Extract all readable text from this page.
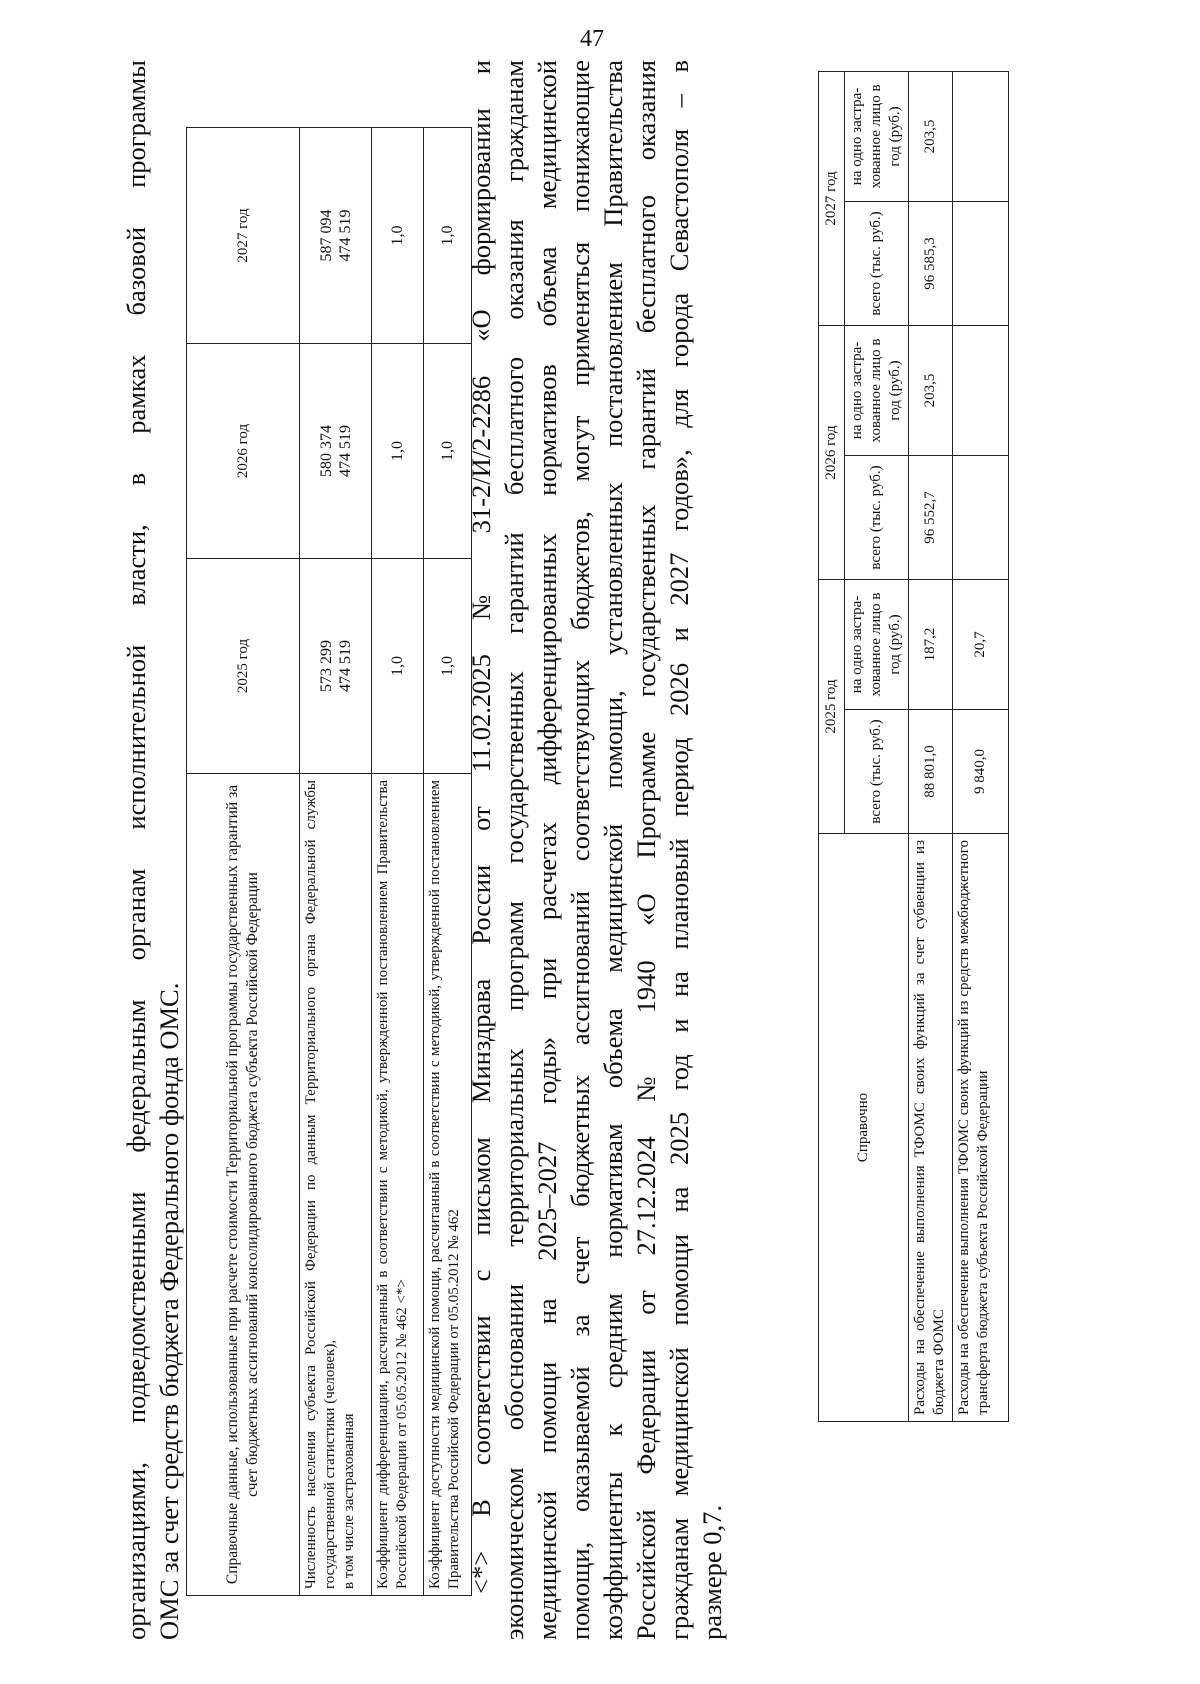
47
организациями, подведомственными федеральным органам исполнительной власти, в рамках базовой программы ОМС за счет средств бюджета Федерального фонда ОМС.	Справочные данные, использованные при расчете стоимости Территориальной программы государственных гарантий за счет бюджетных ассигнований консолидированного бюджета субъекта Российской Федерации	2025 год	2026 год	2027 год
Численность населения субъекта Российской Федерации по данным Территориального органа Федеральной службы государственной статистики (человек), в том числе застрахованная	573 299 474 519	580 374 474 519	587 094 474 519
Коэффициент дифференциации, рассчитанный в соответствии с методикой, утвержденной постановлением Правительства Российской Федерации от 05.05.2012 № 462 <*>	1,0	1,0	1,0
Коэффициент доступности медицинской помощи, рассчитанный в соответствии с методикой, утвержденной постановлением Правительства Российской Федерации от 05.05.2012 № 462	1,0	1,0	1,0 <*> В соответствии с письмом Минздрава России от 11.02.2025 № 31-2/И/2-2286 «О формировании и экономическом обосновании территориальных программ государственных гарантий бесплатного оказания гражданам медицинской помощи на 2025–2027 годы» при расчетах дифференцированных нормативов объема медицинской помощи, оказываемой за счет бюджетных ассигнований соответствующих бюджетов, могут применяться понижающие коэффициенты к средним нормативам объема медицинской помощи, установленных постановлением Правительства Российской Федерации от 27.12.2024 № 1940 «О Программе государственных гарантий бесплатного оказания гражданам медицинской помощи на 2025 год и на плановый период 2026 и 2027 годов», для города Севастополя – в размере 0,7.
Справочно	2025 год		2026 год		2027 год	
	всего (тыс. руб.)	на одно застра-хованное лицо в год (руб.)	всего (тыс. руб.)	на одно застра-хованное лицо в год (руб.)	всего (тыс. руб.)	на одно застра-хованное лицо в год (руб.)
Расходы на обеспечение выполнения ТФОМС своих функций за счет субвенции из бюджета ФОМС	88 801,0	187,2	96 552,7	203,5	96 585,3	203,5
Расходы на обеспечение выполнения ТФОМС своих функций из средств межбюджетного трансферта бюджета субъекта Российской Федерации	9 840,0	20,7				
